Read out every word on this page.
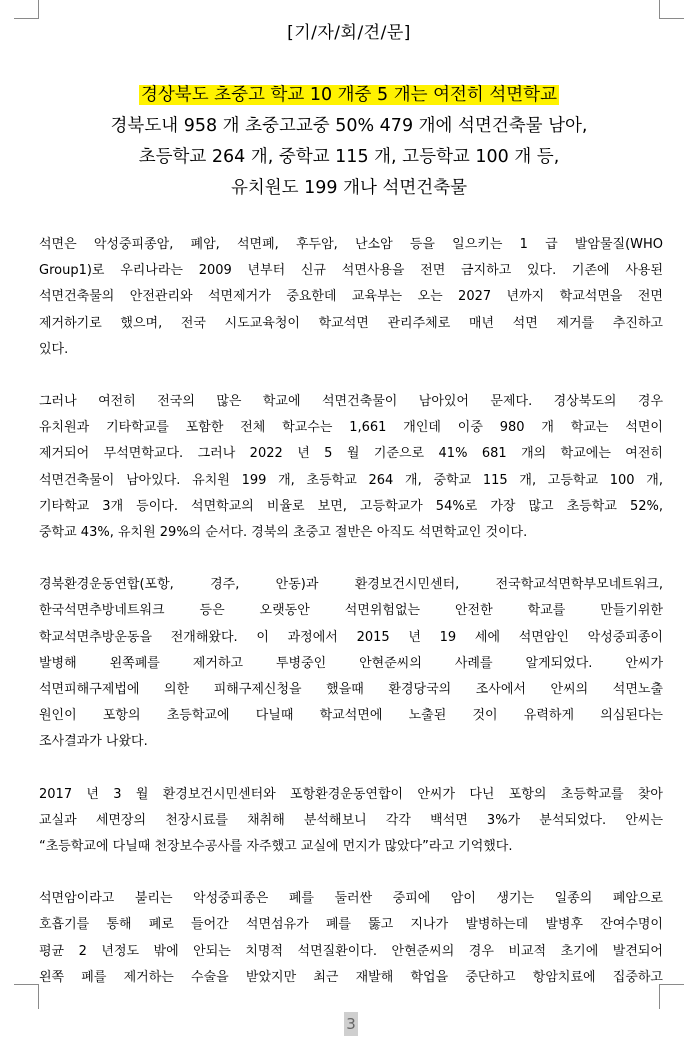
[기/자/회/견/문]
경상북도 초중고 학교 10 개중 5 개는 여전히 석면학교
경북도내 958 개 초중고교중 50% 479 개에 석면건축물 남아,
초등학교 264 개, 중학교 115 개, 고등학교 100 개 등,
유치원도 199 개나 석면건축물
석면은 악성중피종암, 폐암, 석면폐, 후두암, 난소암 등을 일으키는 1 급 발암물질(WHO
Group1)로 우리나라는 2009 년부터 신규 석면사용을 전면 금지하고 있다. 기존에 사용된
석면건축물의 안전관리와 석면제거가 중요한데 교육부는 오는 2027 년까지 학교석면을 전면
제거하기로 했으며, 전국 시도교육청이 학교석면 관리주체로 매년 석면 제거를 추진하고
있다.
그러나 여전히 전국의 많은 학교에 석면건축물이 남아있어 문제다. 경상북도의 경우
유치원과 기타학교를 포함한 전체 학교수는 1,661 개인데 이중 980 개 학교는 석면이
제거되어 무석면학교다. 그러나 2022 년 5 월 기준으로 41% 681 개의 학교에는 여전히
석면건축물이 남아있다. 유치원 199 개, 초등학교 264 개, 중학교 115 개, 고등학교 100 개,
기타학교 3개 등이다. 석면학교의 비율로 보면, 고등학교가 54%로 가장 많고 초등학교 52%,
중학교 43%, 유치원 29%의 순서다. 경북의 초중고 절반은 아직도 석면학교인 것이다.
경북환경운동연합(포항, 경주, 안동)과 환경보건시민센터, 전국학교석면학부모네트워크,
한국석면추방네트워크 등은 오랫동안 석면위험없는 안전한 학교를 만들기위한
학교석면추방운동을 전개해왔다. 이 과정에서 2015 년 19 세에 석면암인 악성중피종이
발병해 왼쪽폐를 제거하고 투병중인 안현준씨의 사례를 알게되었다. 안씨가
석면피해구제법에 의한 피해구제신청을 했을때 환경당국의 조사에서 안씨의 석면노출
원인이 포항의 초등학교에 다닐때 학교석면에 노출된 것이 유력하게 의심된다는
조사결과가 나왔다.
2017 년 3 월 환경보건시민센터와 포항환경운동연합이 안씨가 다닌 포항의 초등학교를 찾아
교실과 세면장의 천장시료를 채취해 분석해보니 각각 백석면 3%가 분석되었다. 안씨는
“초등학교에 다닐때 천장보수공사를 자주했고 교실에 먼지가 많았다”라고 기억했다.
석면암이라고 불리는 악성중피종은 폐를 둘러싼 중피에 암이 생기는 일종의 폐암으로
호흡기를 통해 폐로 들어간 석면섬유가 폐를 뚫고 지나가 발병하는데 발병후 잔여수명이
평균 2 년정도 밖에 안되는 치명적 석면질환이다. 안현준씨의 경우 비교적 초기에 발견되어
왼쪽 폐를 제거하는 수술을 받았지만 최근 재발해 학업을 중단하고 항암치료에 집중하고
3
